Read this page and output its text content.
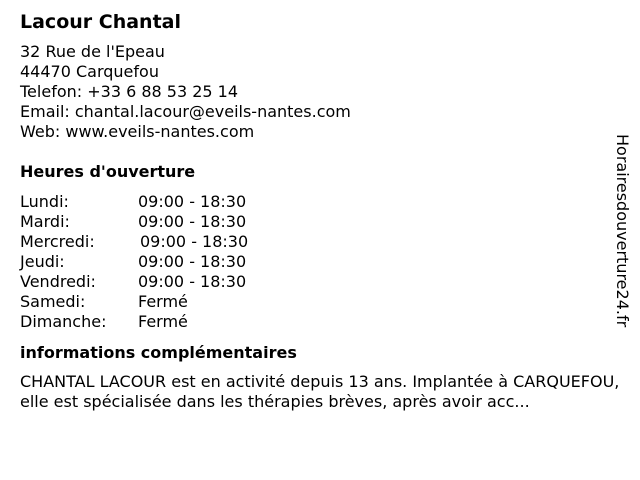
Lacour Chantal
32 Rue de l'Epeau
44470 Carquefou
Telefon: +33 6 88 53 25 14
Email: chantal.lacour@eveils-nantes.com
Web: www.eveils-nantes.com
Heures d'ouverture
Lundi:	09:00 - 18:30
Mardi:	09:00 - 18:30
Mercredi:	09:00 - 18:30
Jeudi:	09:00 - 18:30
Vendredi:	09:00 - 18:30
Samedi:	Fermé
Dimanche: Fermé
informations complémentaires
CHANTAL LACOUR est en activité depuis 13 ans. Implantée à CARQUEFOU, elle est spécialisée dans les thérapies brèves, après avoir acc...
Horairesdouverture24.fr
